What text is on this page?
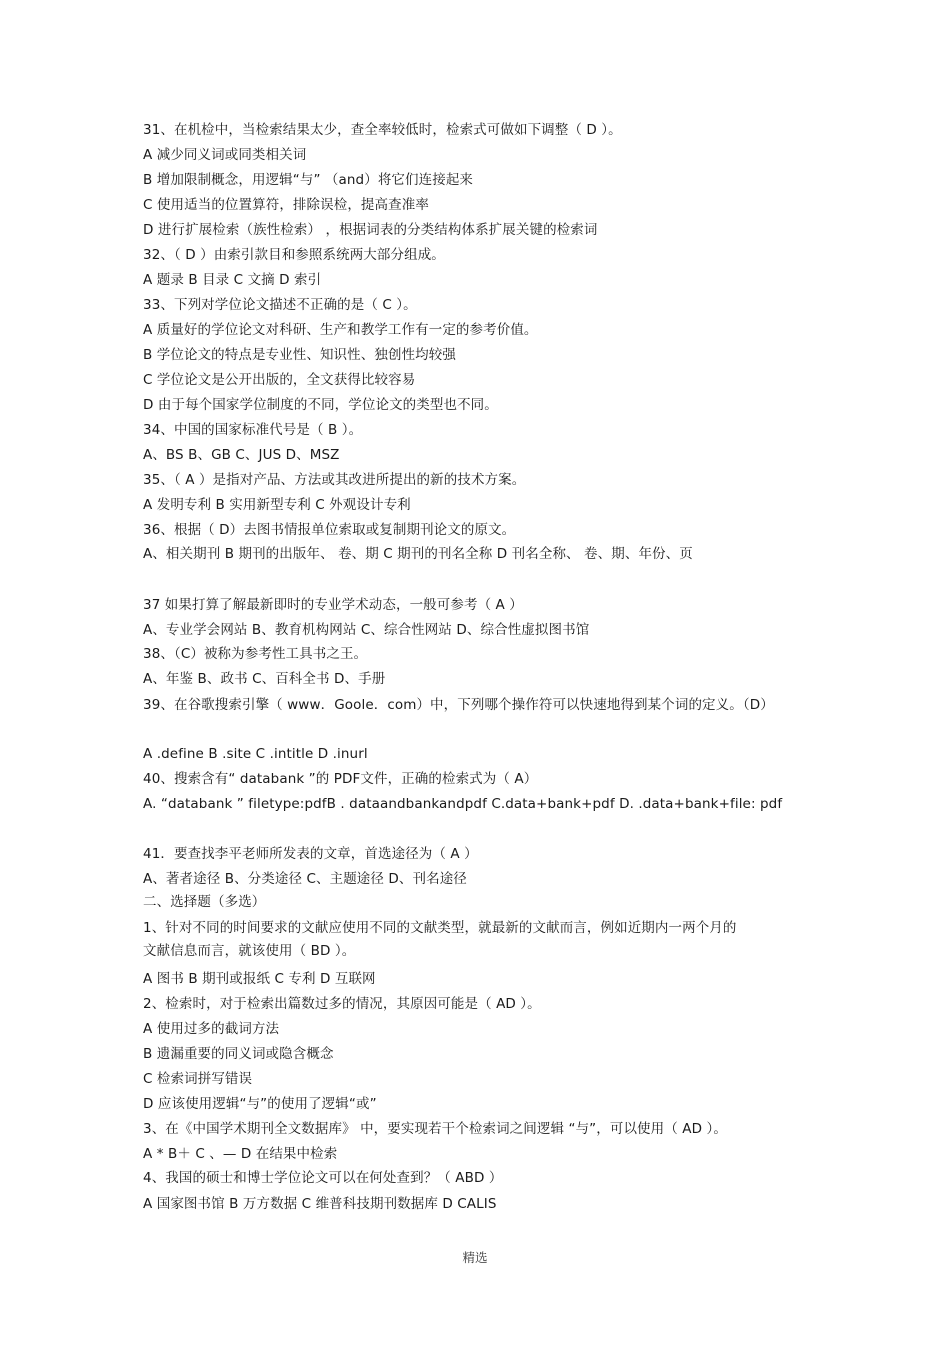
31、在机检中，当检索结果太少，查全率较低时，检索式可做如下调整（ D ）。
A 减少同义词或同类相关词
B 增加限制概念，用逻辑“与” （and）将它们连接起来
C 使用适当的位置算符，排除误检，提高查准率
D 进行扩展检索（族性检索） ，根据词表的分类结构体系扩展关键的检索词
32、（ D ）由索引款目和参照系统两大部分组成。
A 题录 B 目录 C 文摘 D 索引
33、下列对学位论文描述不正确的是（ C ）。
A 质量好的学位论文对科研、生产和教学工作有一定的参考价值。
B 学位论文的特点是专业性、知识性、独创性均较强
C 学位论文是公开出版的，全文获得比较容易
D 由于每个国家学位制度的不同，学位论文的类型也不同。
34、中国的国家标准代号是（ B ）。
A、BS B、GB C、JUS D、MSZ
35、（ A ）是指对产品、方法或其改进所提出的新的技术方案。
A 发明专利 B 实用新型专利 C 外观设计专利
36、根据（ D）去图书情报单位索取或复制期刊论文的原文。
A、相关期刊 B 期刊的出版年、 卷、期 C 期刊的刊名全称 D 刊名全称、 卷、期、年份、页
37 如果打算了解最新即时的专业学术动态，一般可参考（ A ）
A、专业学会网站 B、教育机构网站 C、综合性网站 D、综合性虚拟图书馆
38、（C）被称为参考性工具书之王。
A、年鉴 B、政书 C、百科全书 D、手册
39、在谷歌搜索引擎（ www．Goole．com）中，下列哪个操作符可以快速地得到某个词的定义。（D）
A .define B .site C .intitle D .inurl
40、搜索含有“ databank ”的 PDF文件，正确的检索式为（ A）
A. “databank ” filetype:pdfB . dataandbankandpdf C.data+bank+pdf D. .data+bank+file: pdf
41．要查找李平老师所发表的文章，首选途径为（ A ）
A、著者途径 B、分类途径 C、主题途径 D、刊名途径
二、选择题（多选）
1、针对不同的时间要求的文献应使用不同的文献类型，就最新的文献而言，例如近期内一两个月的文献信息而言，就该使用（ BD ）。
A 图书 B 期刊或报纸 C 专利 D 互联网
2、检索时，对于检索出篇数过多的情况，其原因可能是（ AD ）。
A 使用过多的截词方法
B 遗漏重要的同义词或隐含概念
C 检索词拼写错误
D 应该使用逻辑“与”的使用了逻辑“或”
3、在《中国学术期刊全文数据库》 中，要实现若干个检索词之间逻辑 “与”，可以使用（ AD ）。
A * B＋ C 、— D 在结果中检索
4、我国的硕士和博士学位论文可以在何处查到？（ ABD ）
A 国家图书馆 B 万方数据 C 维普科技期刊数据库 D CALIS
精选
